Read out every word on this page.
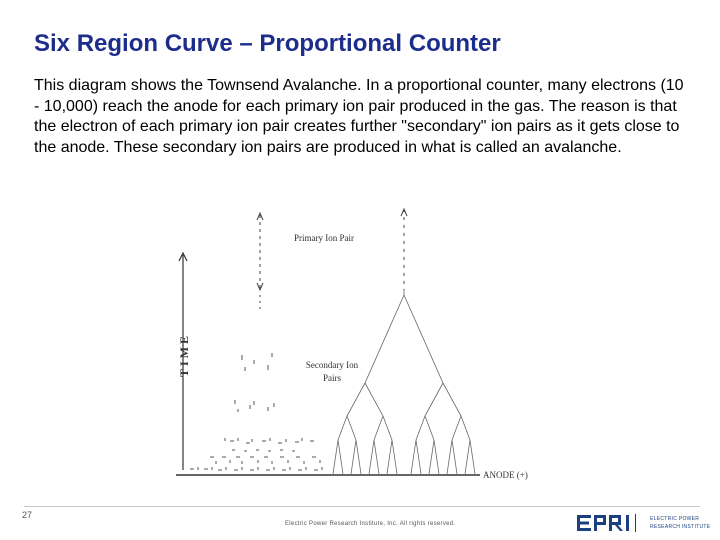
Six Region Curve – Proportional Counter

This diagram shows the Townsend Avalanche. In a proportional counter, many electrons (10 - 10,000) reach the anode for each primary ion pair produced in the gas. The reason is that the electron of each primary ion pair creates further "secondary" ion pairs as it gets close to the anode. These secondary ion pairs are produced in what is called an avalanche.

TIME
Primary Ion Pair
Secondary Ion
Pairs
ANODE (+)
27
Electric Power Research Institute, Inc. All rights reserved.
EPRI
ELECTRIC POWER
RESEARCH INSTITUTE
